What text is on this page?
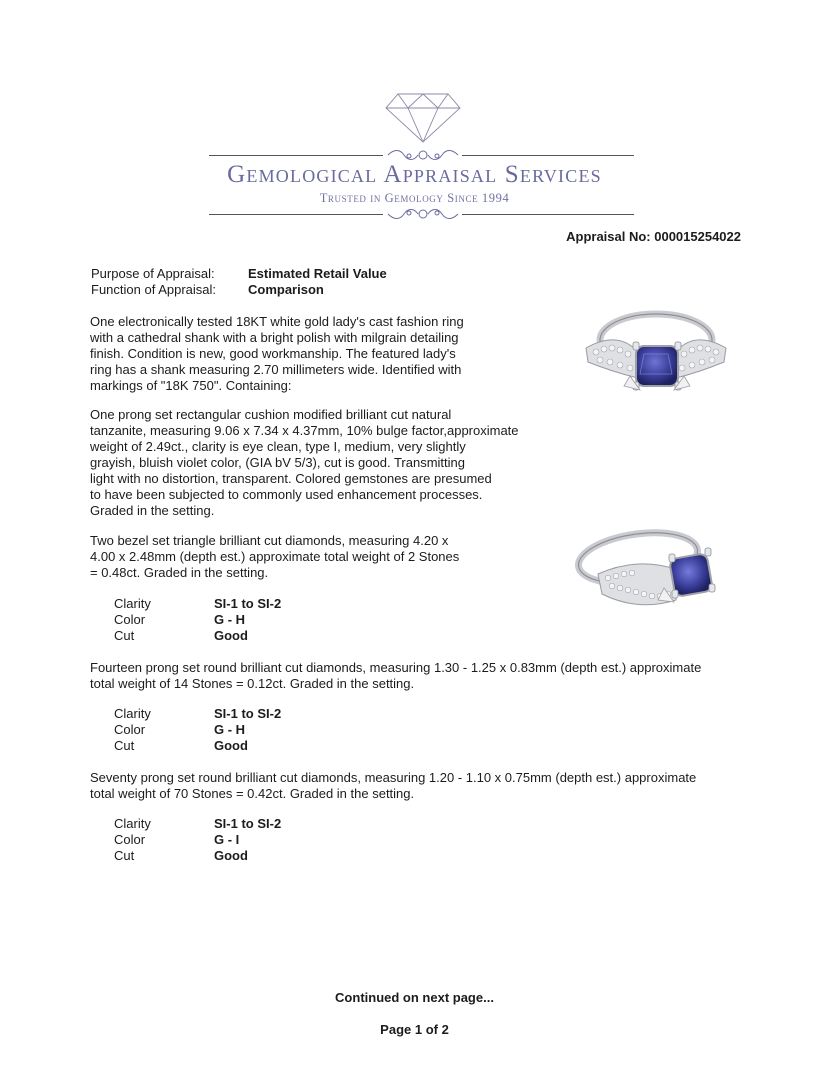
Gemological Appraisal Services
Trusted in Gemology Since 1994
Appraisal No: 000015254022
Purpose of Appraisal:	Estimated Retail Value
Function of Appraisal:	Comparison
One electronically tested 18KT white gold lady's cast fashion ring
with a cathedral shank with a bright polish with milgrain detailing
finish. Condition is new, good workmanship. The featured lady's
ring has a shank measuring 2.70 millimeters wide. Identified with
markings of "18K 750". Containing:
One prong set rectangular cushion modified brilliant cut natural
tanzanite, measuring 9.06 x 7.34 x 4.37mm, 10% bulge factor,approximate
weight of 2.49ct., clarity is eye clean, type I, medium, very slightly
grayish, bluish violet color, (GIA bV 5/3), cut is good. Transmitting
light with no distortion, transparent. Colored gemstones are presumed
to have been subjected to commonly used enhancement processes.
Graded in the setting.
Two bezel set triangle brilliant cut diamonds, measuring 4.20 x
4.00 x 2.48mm (depth est.) approximate total weight of 2 Stones
= 0.48ct. Graded in the setting.
Clarity	SI-1 to SI-2
Color	G - H
Cut	Good
Fourteen prong set round brilliant cut diamonds, measuring 1.30 - 1.25 x 0.83mm (depth est.) approximate
total weight of 14 Stones = 0.12ct. Graded in the setting.
Clarity	SI-1 to SI-2
Color	G - H
Cut	Good
Seventy prong set round brilliant cut diamonds, measuring 1.20 - 1.10 x 0.75mm (depth est.) approximate
total weight of 70 Stones = 0.42ct. Graded in the setting.
Clarity	SI-1 to SI-2
Color	G - I
Cut	Good
Continued on next page...
Page 1 of 2
